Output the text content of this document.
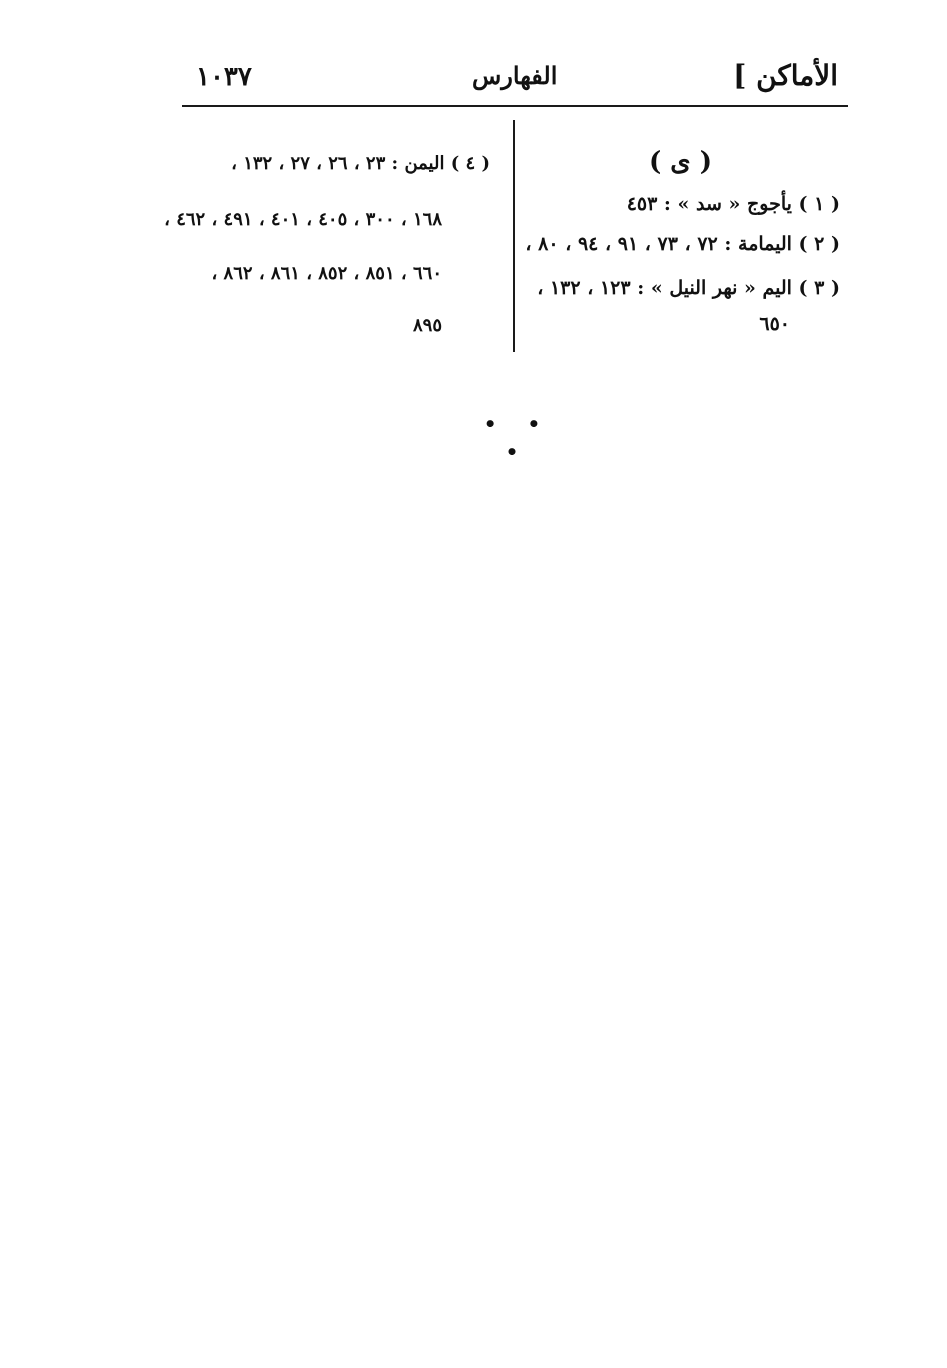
الأماكن ]
الفهارس
١٠٣٧
( ى )
( ١ ) يأجوج « سد » : ٤٥٣
( ٢ ) اليمامة : ٧٢ ، ٧٣ ، ٩١ ، ٩٤ ، ٨٠ ،
( ٣ ) اليم « نهر النيل » : ١٢٣ ، ١٣٢ ،
٦٥٠
( ٤ ) اليمن : ٢٣ ، ٢٦ ، ٢٧ ، ١٣٢ ،
١٦٨ ، ٣٠٠ ، ٤٠٥ ، ٤٠١ ، ٤٩١ ، ٤٦٢ ،
٦٦٠ ، ٨٥١ ، ٨٥٢ ، ٨٦١ ، ٨٦٢ ،
٨٩٥
• • •
